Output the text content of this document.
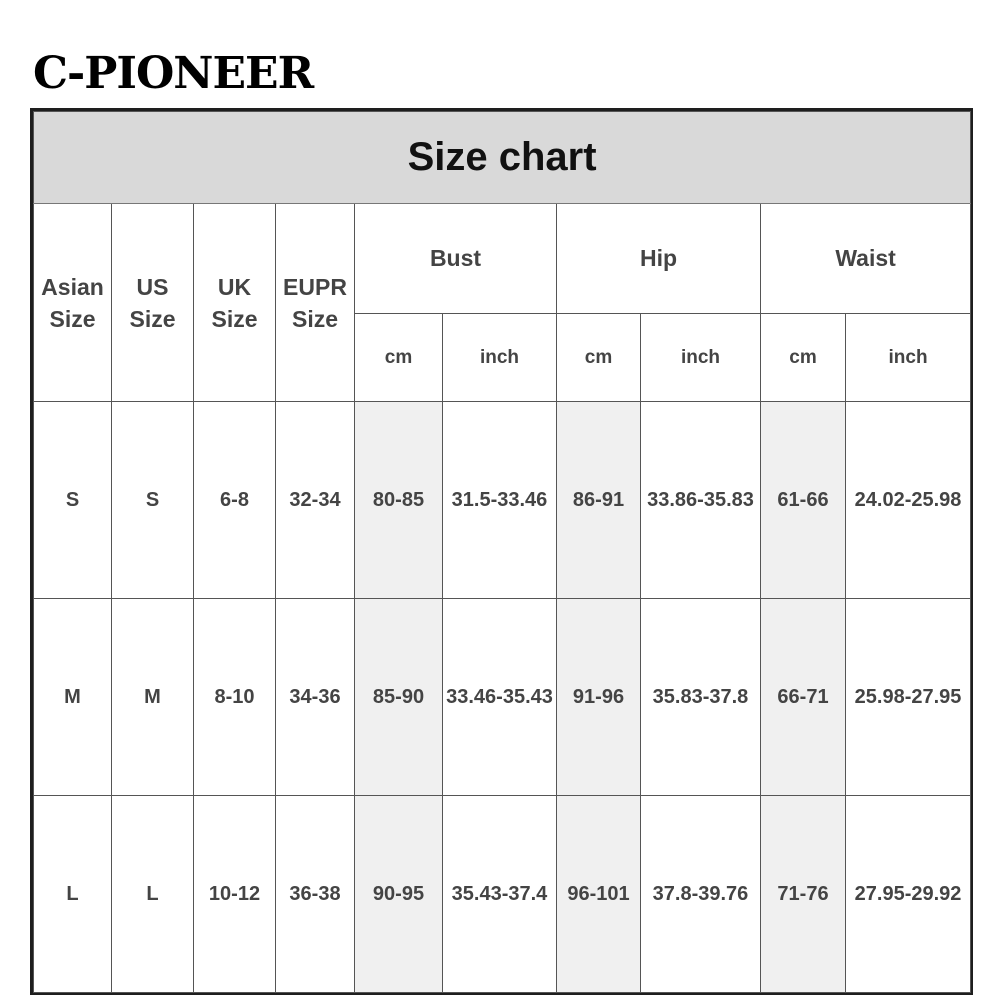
C-PIONEER
Size chart									
Asian Size	US Size	UK Size	EUPR Size	Bust		Hip		Waist	
				cm	inch	cm	inch	cm	inch
S	S	6-8	32-34	80-85	31.5-33.46	86-91	33.86-35.83	61-66	24.02-25.98
M	M	8-10	34-36	85-90	33.46-35.43	91-96	35.83-37.8	66-71	25.98-27.95
L	L	10-12	36-38	90-95	35.43-37.4	96-101	37.8-39.76	71-76	27.95-29.92
